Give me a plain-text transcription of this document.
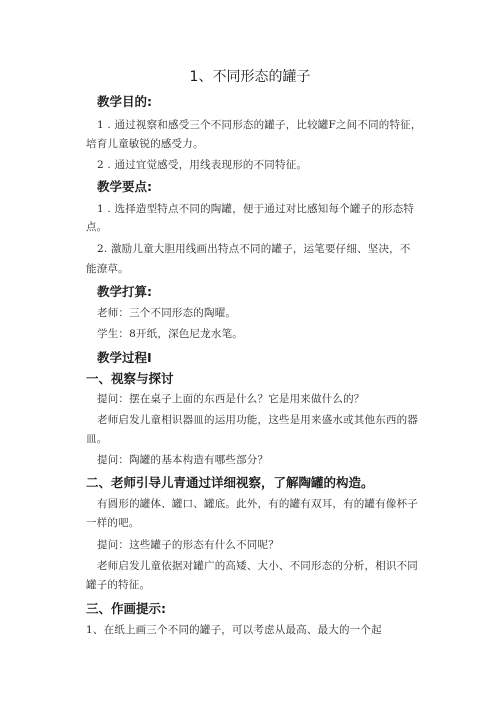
1、不同形态的罐子
教学目的:
1 . 通过视察和感受三个不同形态的罐子，比较罐F之间不同的特征，
培育儿童敏锐的感受力。
2 . 通过宜觉感受，用线表现形的不同特征。
教学要点:
1 . 选择造型特点不同的陶罐，便于通过对比感知每个罐子的形态特
点。
2. 激励儿童大胆用线画出特点不同的罐子，运笔要仔细、坚决，不
能潦草。
教学打算:
老师：三个不同形态的陶曜。
学生：8开纸，深色尼龙水笔。
教学过程I
一、视察与探讨
提问：摆在桌子上面的东西是什么？它是用来做什么的？
老师启发儿童相识器皿的运用功能，这些是用来盛水或其他东西的器
皿。
提问：陶罐的基本构造有哪些部分？
二、老师引导儿青通过详细视察，了解陶罐的构造。
有圆形的罐体、罐口、罐底。此外，有的罐有双耳，有的罐有像杯子
一样的吧。
提问：这些罐子的形态有什么不同呢？
老师启发儿童依据对罐广的高矮、大小、不同形态的分析，相识不同
罐子的特征。
三、作画提示:
1、在纸上画三个不同的罐子，可以考虑从最高、最大的一个起
